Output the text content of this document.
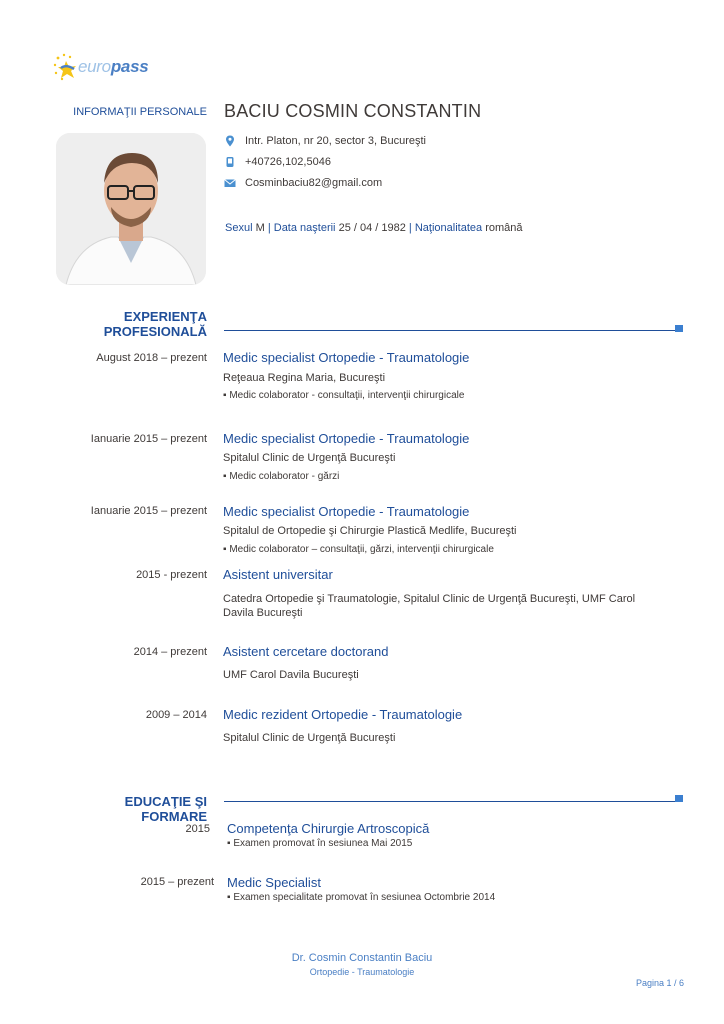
europass
INFORMAŢII PERSONALE BACIU COSMIN CONSTANTIN
Intr. Platon, nr 20, sector 3, Bucureşti
+40726,102,5046
Cosminbaciu82@gmail.com
Sexul M | Data naşterii 25 / 04 / 1982 | Naţionalitatea română
EXPERIENŢA
PROFESIONALĂ
August 2018 – prezent Medic specialist Ortopedie - Traumatologie
Reţeaua Regina Maria, Bucureşti
▪ Medic colaborator - consultaţii, intervenţii chirurgicale
Ianuarie 2015 – prezent Medic specialist Ortopedie - Traumatologie
Spitalul Clinic de Urgenţă Bucureşti
▪ Medic colaborator - gărzi
Ianuarie 2015 – prezent Medic specialist Ortopedie - Traumatologie
Spitalul de Ortopedie şi Chirurgie Plastică Medlife, Bucureşti
▪ Medic colaborator – consultaţii, gărzi, intervenţii chirurgicale
2015 - prezent Asistent universitar
Catedra Ortopedie şi Traumatologie, Spitalul Clinic de Urgenţă Bucureşti, UMF Carol Davila Bucureşti
2014 – prezent Asistent cercetare doctorand
UMF Carol Davila Bucureşti
2009 – 2014 Medic rezident Ortopedie - Traumatologie
Spitalul Clinic de Urgenţă Bucureşti
EDUCAŢIE ŞI FORMARE
2015 Competenţa Chirurgie Artroscopică
▪ Examen promovat în sesiunea Mai 2015
2015 – prezent Medic Specialist
▪ Examen specialitate promovat în sesiunea Octombrie 2014
Dr. Cosmin Constantin Baciu
Ortopedie - Traumatologie
Pagina 1 / 6
